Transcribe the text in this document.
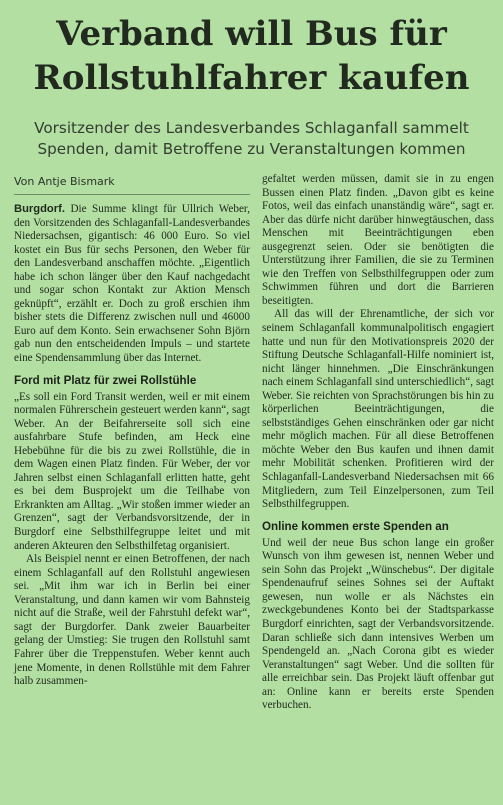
Verband will Bus für
Rollstuhlfahrer kaufen

Vorsitzender des Landesverbandes Schlaganfall sammelt Spenden, damit Betroffene zu Veranstaltungen kommen

Von Antje Bismark

Burgdorf. Die Summe klingt für Ullrich Weber, den Vorsitzenden des Schlaganfall-Landesverbandes Niedersachsen, gigantisch: 46 000 Euro. So viel kostet ein Bus für sechs Personen, den Weber für den Landesverband anschaffen möchte. „Eigentlich habe ich schon länger über den Kauf nachgedacht und sogar schon Kontakt zur Aktion Mensch geknüpft“, erzählt er. Doch zu groß erschien ihm bisher stets die Differenz zwischen null und 46000 Euro auf dem Konto. Sein erwachsener Sohn Björn gab nun den entscheidenden Impuls – und startete eine Spendensammlung über das Internet.

Ford mit Platz für zwei Rollstühle

„Es soll ein Ford Transit werden, weil er mit einem normalen Führerschein gesteuert werden kann“, sagt Weber. An der Beifahrerseite soll sich eine ausfahrbare Stufe befinden, am Heck eine Hebebühne für die bis zu zwei Rollstühle, die in dem Wagen einen Platz finden. Für Weber, der vor Jahren selbst einen Schlaganfall erlitten hatte, geht es bei dem Busprojekt um die Teilhabe von Erkrankten am Alltag. „Wir stoßen immer wieder an Grenzen“, sagt der Verbandsvorsitzende, der in Burgdorf eine Selbsthilfegruppe leitet und mit anderen Akteuren den Selbsthilfetag organisiert.

Als Beispiel nennt er einen Betroffenen, der nach einem Schlaganfall auf den Rollstuhl angewiesen sei. „Mit ihm war ich in Berlin bei einer Veranstaltung, und dann kamen wir vom Bahnsteig nicht auf die Straße, weil der Fahrstuhl defekt war“, sagt der Burgdorfer. Dank zweier Bauarbeiter gelang der Umstieg: Sie trugen den Rollstuhl samt Fahrer über die Treppenstufen. Weber kennt auch jene Momente, in denen Rollstühle mit dem Fahrer halb zusammen-

gefaltet werden müssen, damit sie in zu engen Bussen einen Platz finden. „Davon gibt es keine Fotos, weil das einfach unanständig wäre“, sagt er. Aber das dürfe nicht darüber hinwegtäuschen, dass Menschen mit Beeinträchtigungen eben ausgegrenzt seien. Oder sie benötigten die Unterstützung ihrer Familien, die sie zu Terminen wie den Treffen von Selbsthilfegruppen oder zum Schwimmen führen und dort die Barrieren beseitigten.

All das will der Ehrenamtliche, der sich vor seinem Schlaganfall kommunalpolitisch engagiert hatte und nun für den Motivationspreis 2020 der Stiftung Deutsche Schlaganfall-Hilfe nominiert ist, nicht länger hinnehmen. „Die Einschränkungen nach einem Schlaganfall sind unterschiedlich“, sagt Weber. Sie reichten von Sprachstörungen bis hin zu körperlichen Beeinträchtigungen, die selbstständiges Gehen einschränken oder gar nicht mehr möglich machen. Für all diese Betroffenen möchte Weber den Bus kaufen und ihnen damit mehr Mobilität schenken. Profitieren wird der Schlaganfall-Landesverband Niedersachsen mit 66 Mitgliedern, zum Teil Einzelpersonen, zum Teil Selbsthilfegruppen.

Online kommen erste Spenden an

Und weil der neue Bus schon lange ein großer Wunsch von ihm gewesen ist, nennen Weber und sein Sohn das Projekt „Wünschebus“. Der digitale Spendenaufruf seines Sohnes sei der Auftakt gewesen, nun wolle er als Nächstes ein zweckgebundenes Konto bei der Stadtsparkasse Burgdorf einrichten, sagt der Verbandsvorsitzende. Daran schließe sich dann intensives Werben um Spendengeld an. „Nach Corona gibt es wieder Veranstaltungen“ sagt Weber. Und die sollten für alle erreichbar sein. Das Projekt läuft offenbar gut an: Online kann er bereits erste Spenden verbuchen.
